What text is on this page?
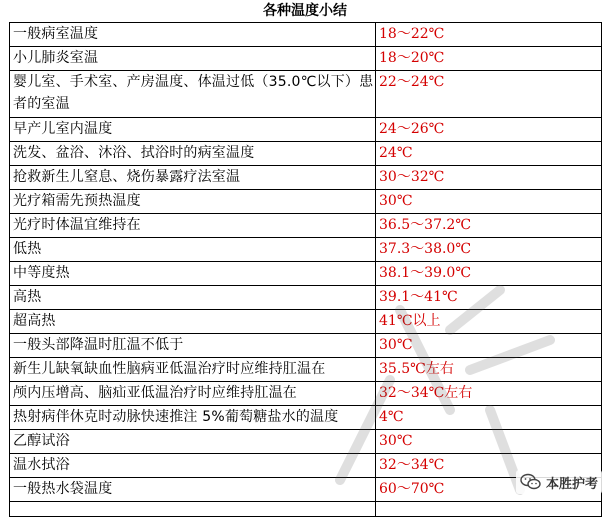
各种温度小结
一般病室温度	18～22℃
小儿肺炎室温	18～20℃
婴儿室、手术室、产房温度、体温过低（35.0℃以下）患者的室温	22～24℃
早产儿室内温度	24～26℃
洗发、盆浴、沐浴、拭浴时的病室温度	24℃
抢救新生儿窒息、烧伤暴露疗法室温	30～32℃
光疗箱需先预热温度	30℃
光疗时体温宜维持在	36.5～37.2℃
低热	37.3～38.0℃
中等度热	38.1～39.0℃
高热	39.1～41℃
超高热	41℃以上
一般头部降温时肛温不低于	30℃
新生儿缺氧缺血性脑病亚低温治疗时应维持肛温在	35.5℃左右
颅内压增高、脑疝亚低温治疗时应维持肛温在	32～34℃左右
热射病伴休克时动脉快速推注 5%葡萄糖盐水的温度	4℃
乙醇试浴	30℃
温水拭浴	32～34℃
一般热水袋温度	60～70℃
		本胜护考
